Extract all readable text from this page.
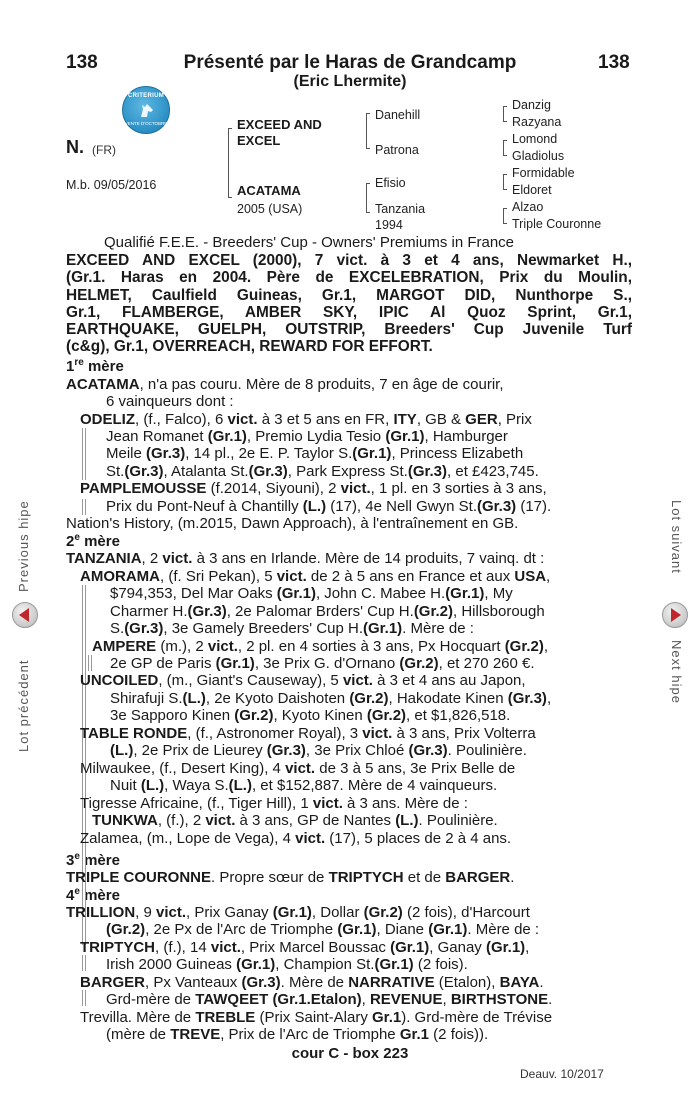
138	Présenté par le Haras de Grandcamp	138
(Eric Lhermite)
CRITERIUM
VENTE D'OCTOBRE
N. (FR)
M.b. 09/05/2016
EXCEED AND EXCEL
ACATAMA
2005 (USA)
Danehill
Patrona
Efisio
Tanzania
1994
Danzig
Razyana
Lomond
Gladiolus
Formidable
Eldoret
Alzao
Triple Couronne
Qualifié F.E.E. - Breeders' Cup - Owners' Premiums in France
EXCEED AND EXCEL (2000), 7 vict. à 3 et 4 ans, Newmarket H.,
(Gr.1. Haras en 2004. Père de EXCELEBRATION, Prix du Moulin,
HELMET, Caulfield Guineas, Gr.1, MARGOT DID, Nunthorpe S.,
Gr.1, FLAMBERGE, AMBER SKY, IPIC Al Quoz Sprint, Gr.1,
EARTHQUAKE, GUELPH, OUTSTRIP, Breeders' Cup Juvenile Turf
(c&g), Gr.1, OVERREACH, REWARD FOR EFFORT.
1re mère
2e mère
3e mère
4e mère
ACATAMA, n'a pas couru. Mère de 8 produits, 7 en âge de courir,
6 vainqueurs dont :
ODELIZ, (f., Falco), 6 vict. à 3 et 5 ans en FR, ITY, GB & GER, Prix
Jean Romanet (Gr.1), Premio Lydia Tesio (Gr.1), Hamburger
Meile (Gr.3), 14 pl., 2e E. P. Taylor S.(Gr.1), Princess Elizabeth
St.(Gr.3), Atalanta St.(Gr.3), Park Express St.(Gr.3), et £423,745.
PAMPLEMOUSSE (f.2014, Siyouni), 2 vict., 1 pl. en 3 sorties à 3 ans,
Prix du Pont-Neuf à Chantilly (L.) (17), 4e Nell Gwyn St.(Gr.3) (17).
Nation's History, (m.2015, Dawn Approach), à l'entraînement en GB.
TANZANIA, 2 vict. à 3 ans en Irlande. Mère de 14 produits, 7 vainq. dt :
AMORAMA, (f. Sri Pekan), 5 vict. de 2 à 5 ans en France et aux USA,
$794,353, Del Mar Oaks (Gr.1), John C. Mabee H.(Gr.1), My
Charmer H.(Gr.3), 2e Palomar Brders' Cup H.(Gr.2), Hillsborough
S.(Gr.3), 3e Gamely Breeders' Cup H.(Gr.1). Mère de :
AMPERE (m.), 2 vict., 2 pl. en 4 sorties à 3 ans, Px Hocquart (Gr.2),
2e GP de Paris (Gr.1), 3e Prix G. d'Ornano (Gr.2), et 270 260 €.
UNCOILED, (m., Giant's Causeway), 5 vict. à 3 et 4 ans au Japon,
Shirafuji S.(L.), 2e Kyoto Daishoten (Gr.2), Hakodate Kinen (Gr.3),
3e Sapporo Kinen (Gr.2), Kyoto Kinen (Gr.2), et $1,826,518.
TABLE RONDE, (f., Astronomer Royal), 3 vict. à 3 ans, Prix Volterra
(L.), 2e Prix de Lieurey (Gr.3), 3e Prix Chloé (Gr.3). Poulinière.
Milwaukee, (f., Desert King), 4 vict. de 3 à 5 ans, 3e Prix Belle de
Nuit (L.), Waya S.(L.), et $152,887. Mère de 4 vainqueurs.
Tigresse Africaine, (f., Tiger Hill), 1 vict. à 3 ans. Mère de :
TUNKWA, (f.), 2 vict. à 3 ans, GP de Nantes (L.). Poulinière.
Zalamea, (m., Lope de Vega), 4 vict. (17), 5 places de 2 à 4 ans.
TRIPLE COURONNE. Propre sœur de TRIPTYCH et de BARGER.
TRILLION, 9 vict., Prix Ganay (Gr.1), Dollar (Gr.2) (2 fois), d'Harcourt
(Gr.2), 2e Px de l'Arc de Triomphe (Gr.1), Diane (Gr.1). Mère de :
TRIPTYCH, (f.), 14 vict., Prix Marcel Boussac (Gr.1), Ganay (Gr.1),
Irish 2000 Guineas (Gr.1), Champion St.(Gr.1) (2 fois).
BARGER, Px Vanteaux (Gr.3). Mère de NARRATIVE (Etalon), BAYA.
Grd-mère de TAWQEET (Gr.1.Etalon), REVENUE, BIRTHSTONE.
Trevilla. Mère de TREBLE (Prix Saint-Alary Gr.1). Grd-mère de Trévise
(mère de TREVE, Prix de l'Arc de Triomphe Gr.1 (2 fois)).
cour C - box 223
Deauv. 10/2017
Previous hipe
Lot précédent
Lot suivant
Next hipe
